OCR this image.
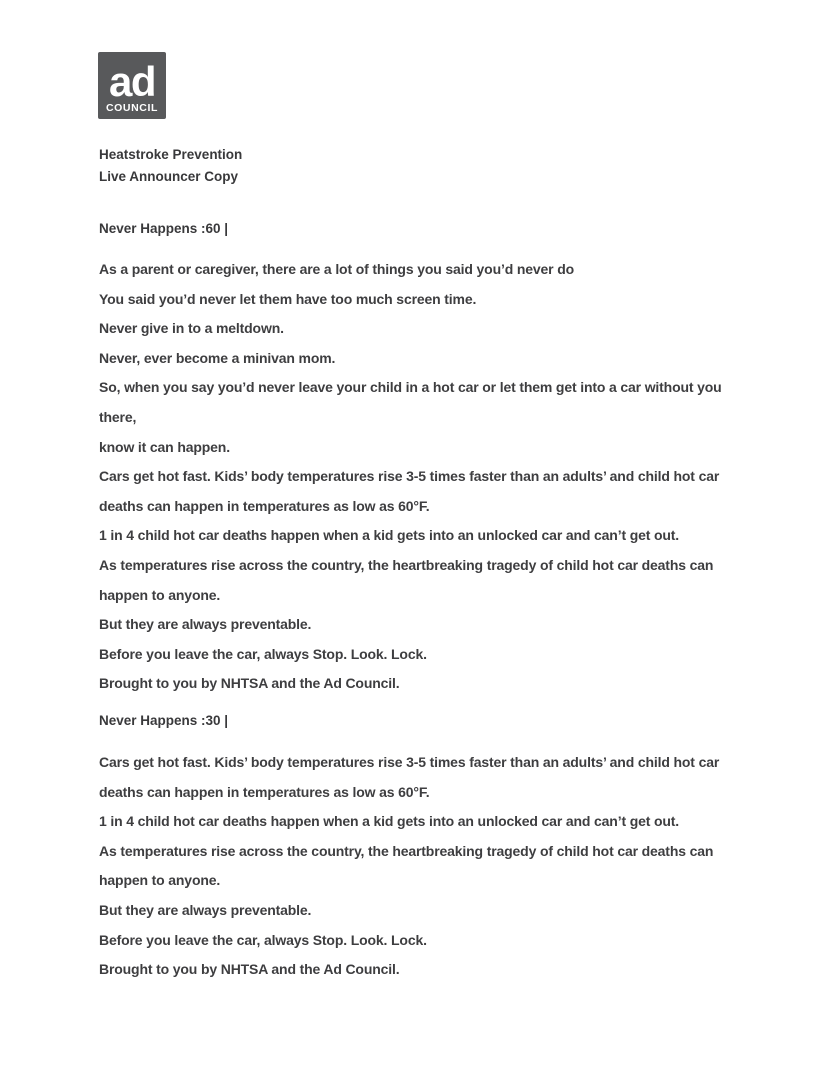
ad
COUNCIL
Heatstroke Prevention
Live Announcer Copy
Never Happens :60 |
As a parent or caregiver, there are a lot of things you said you’d never do
You said you’d never let them have too much screen time.
Never give in to a meltdown.
Never, ever become a minivan mom.
So, when you say you’d never leave your child in a hot car or let them get into a car without you
there,
know it can happen.
Cars get hot fast. Kids’ body temperatures rise 3-5 times faster than an adults’ and child hot car
deaths can happen in temperatures as low as 60°F.
1 in 4 child hot car deaths happen when a kid gets into an unlocked car and can’t get out.
As temperatures rise across the country, the heartbreaking tragedy of child hot car deaths can
happen to anyone.
But they are always preventable.
Before you leave the car, always Stop. Look. Lock.
Brought to you by NHTSA and the Ad Council.
Never Happens :30 |
Cars get hot fast. Kids’ body temperatures rise 3-5 times faster than an adults’ and child hot car
deaths can happen in temperatures as low as 60°F.
1 in 4 child hot car deaths happen when a kid gets into an unlocked car and can’t get out.
As temperatures rise across the country, the heartbreaking tragedy of child hot car deaths can
happen to anyone.
But they are always preventable.
Before you leave the car, always Stop. Look. Lock.
Brought to you by NHTSA and the Ad Council.
